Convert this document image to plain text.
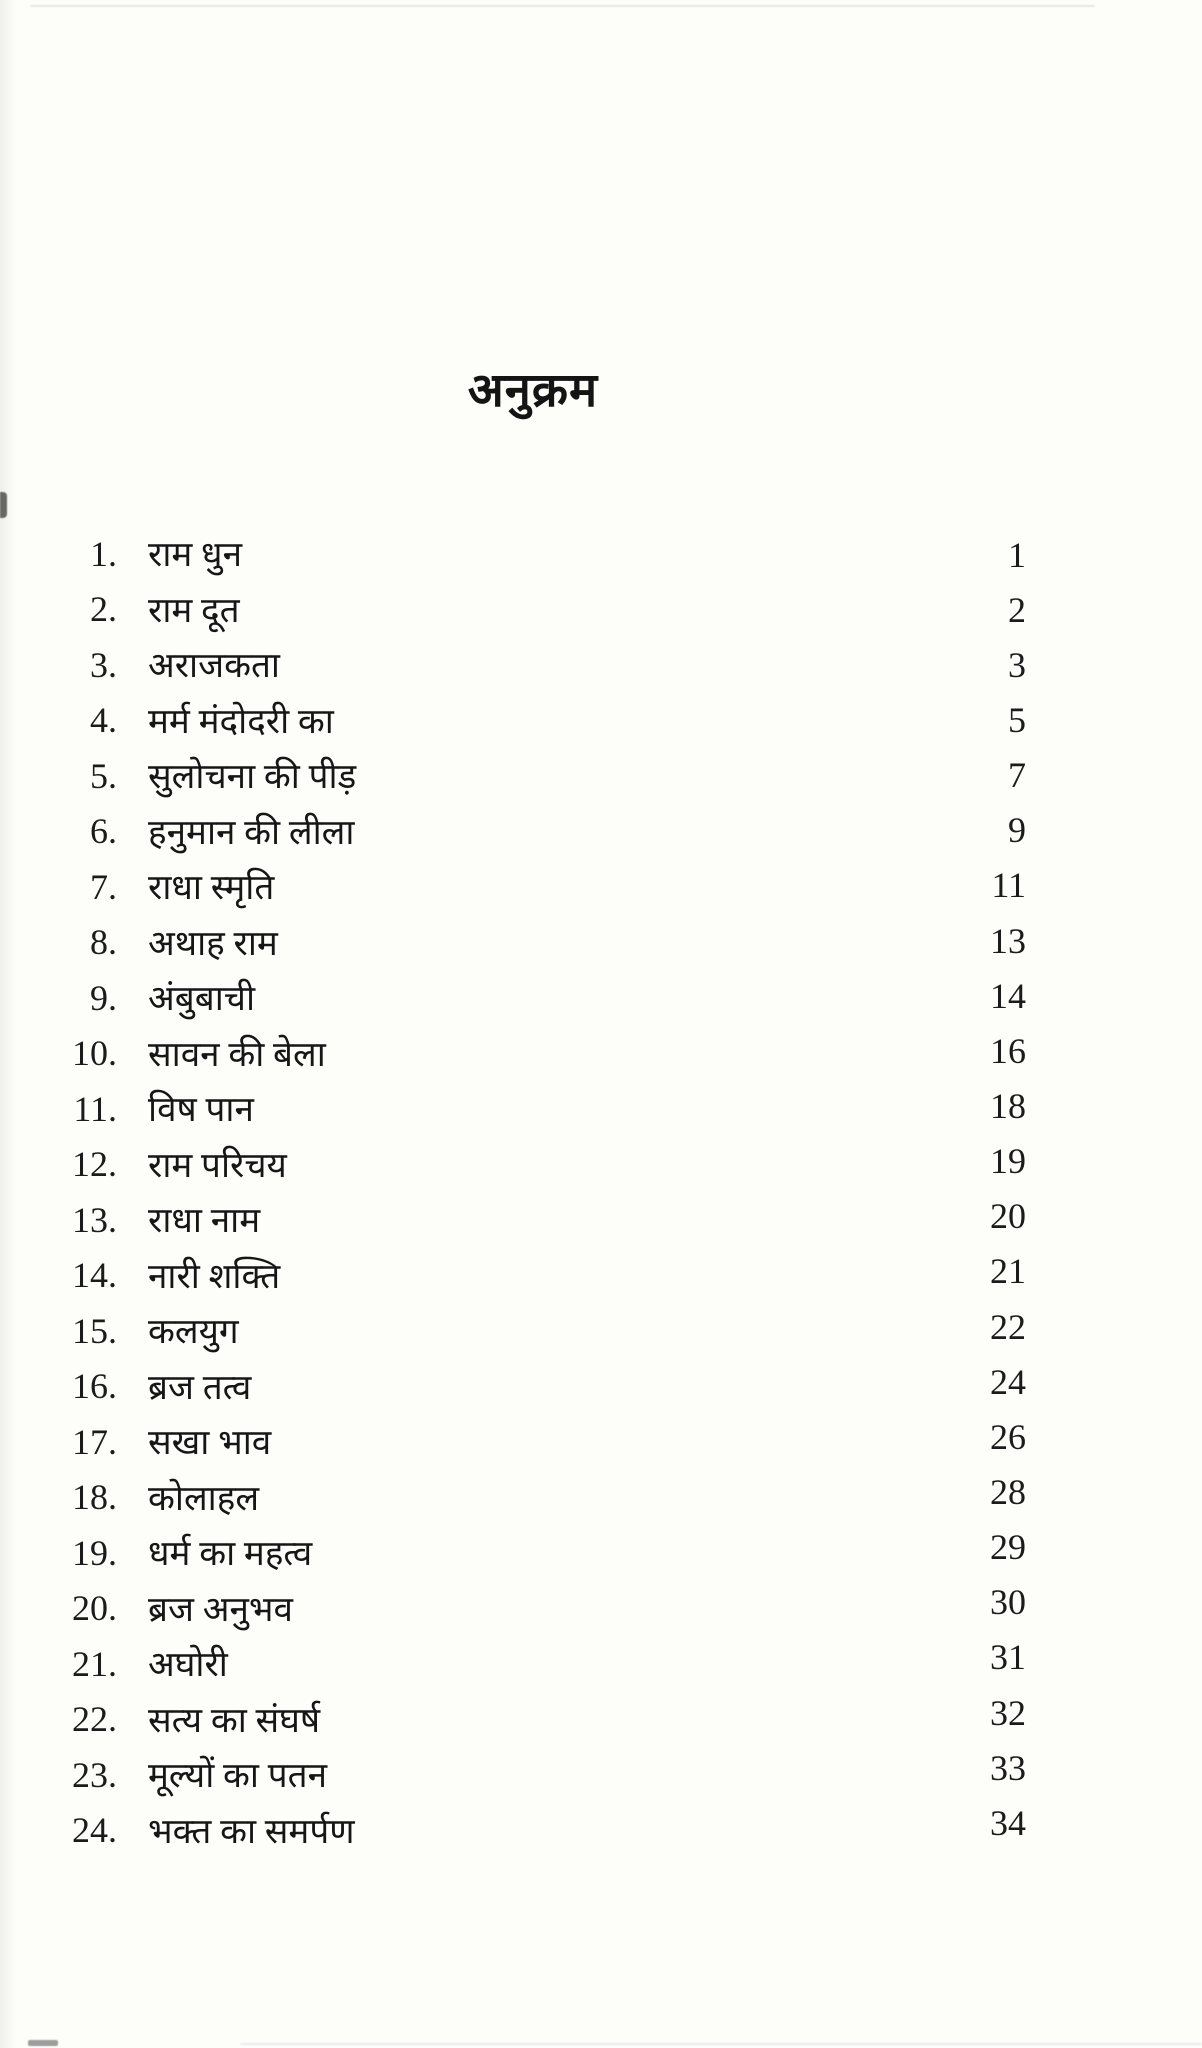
अनुक्रम
1. राम धुन
2. राम दूत
3. अराजकता
4. मर्म मंदोदरी का
5. सुलोचना की पीड़
6. हनुमान की लीला
7. राधा स्मृति
8. अथाह राम
9. अंबुबाची
10. सावन की बेला
11. विष पान
12. राम परिचय
13. राधा नाम
14. नारी शक्ति
15. कलयुग
16. ब्रज तत्व
17. सखा भाव
18. कोलाहल
19. धर्म का महत्व
20. ब्रज अनुभव
21. अघोरी
22. सत्य का संघर्ष
23. मूल्यों का पतन
24. भक्त का समर्पण
1
2
3
5
7
9
11
13
14
16
18
19
20
21
22
24
26
28
29
30
31
32
33
34
